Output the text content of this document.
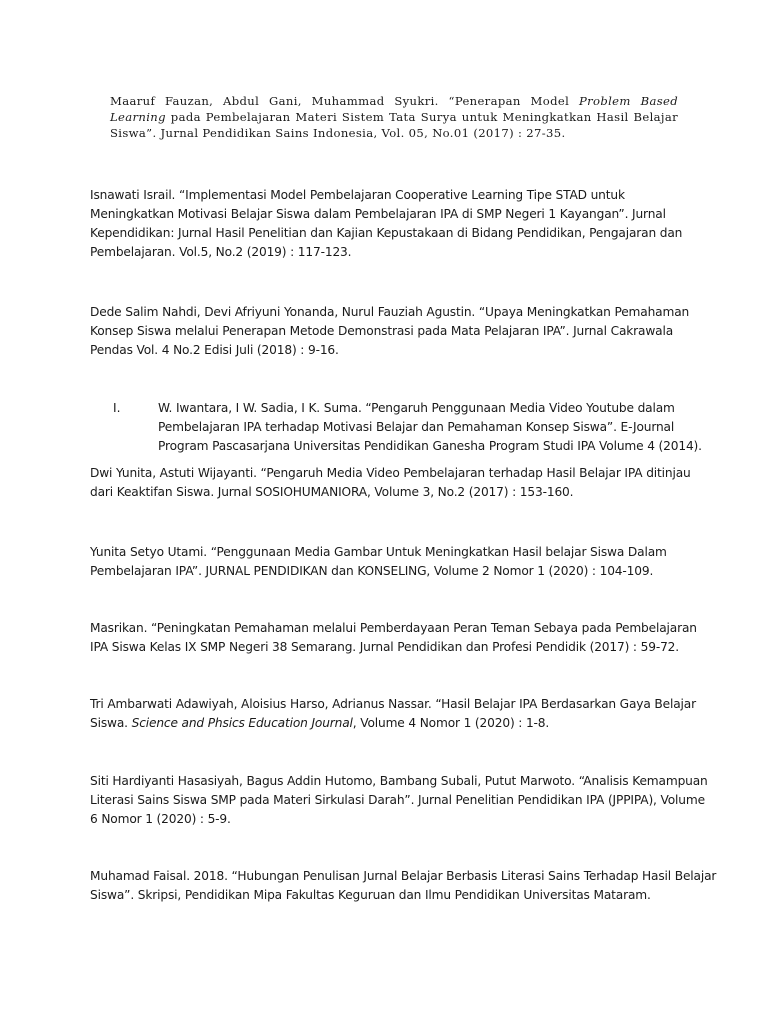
Maaruf Fauzan, Abdul Gani, Muhammad Syukri. “Penerapan Model Problem Based Learning pada Pembelajaran Materi Sistem Tata Surya untuk Meningkatkan Hasil Belajar Siswa”. Jurnal Pendidikan Sains Indonesia, Vol. 05, No.01 (2017) : 27-35.

Isnawati Israil. “Implementasi Model Pembelajaran Cooperative Learning Tipe STAD untuk
Meningkatkan Motivasi Belajar Siswa dalam Pembelajaran IPA di SMP Negeri 1 Kayangan”. Jurnal
Kependidikan: Jurnal Hasil Penelitian dan Kajian Kepustakaan di Bidang Pendidikan, Pengajaran dan
Pembelajaran. Vol.5, No.2 (2019) : 117-123.

Dede Salim Nahdi, Devi Afriyuni Yonanda, Nurul Fauziah Agustin. “Upaya Meningkatkan Pemahaman
Konsep Siswa melalui Penerapan Metode Demonstrasi pada Mata Pelajaran IPA”. Jurnal Cakrawala
Pendas Vol. 4 No.2 Edisi Juli (2018) : 9-16.

I.	W. Iwantara, I W. Sadia, I K. Suma. “Pengaruh Penggunaan Media Video Youtube dalam
Pembelajaran IPA terhadap Motivasi Belajar dan Pemahaman Konsep Siswa”. E-Journal
Program Pascasarjana Universitas Pendidikan Ganesha Program Studi IPA Volume 4 (2014).

Dwi Yunita, Astuti Wijayanti. “Pengaruh Media Video Pembelajaran terhadap Hasil Belajar IPA ditinjau
dari Keaktifan Siswa. Jurnal SOSIOHUMANIORA, Volume 3, No.2 (2017) : 153-160.

Yunita Setyo Utami. “Penggunaan Media Gambar Untuk Meningkatkan Hasil belajar Siswa Dalam
Pembelajaran IPA”. JURNAL PENDIDIKAN dan KONSELING, Volume 2 Nomor 1 (2020) : 104-109.

Masrikan. “Peningkatan Pemahaman melalui Pemberdayaan Peran Teman Sebaya pada Pembelajaran
IPA Siswa Kelas IX SMP Negeri 38 Semarang. Jurnal Pendidikan dan Profesi Pendidik (2017) : 59-72.

Tri Ambarwati Adawiyah, Aloisius Harso, Adrianus Nassar. “Hasil Belajar IPA Berdasarkan Gaya Belajar
Siswa. Science and Phsics Education Journal, Volume 4 Nomor 1 (2020) : 1-8.

Siti Hardiyanti Hasasiyah, Bagus Addin Hutomo, Bambang Subali, Putut Marwoto. “Analisis Kemampuan
Literasi Sains Siswa SMP pada Materi Sirkulasi Darah”. Jurnal Penelitian Pendidikan IPA (JPPIPA), Volume
6 Nomor 1 (2020) : 5-9.

Muhamad Faisal. 2018. “Hubungan Penulisan Jurnal Belajar Berbasis Literasi Sains Terhadap Hasil Belajar
Siswa”. Skripsi, Pendidikan Mipa Fakultas Keguruan dan Ilmu Pendidikan Universitas Mataram.
